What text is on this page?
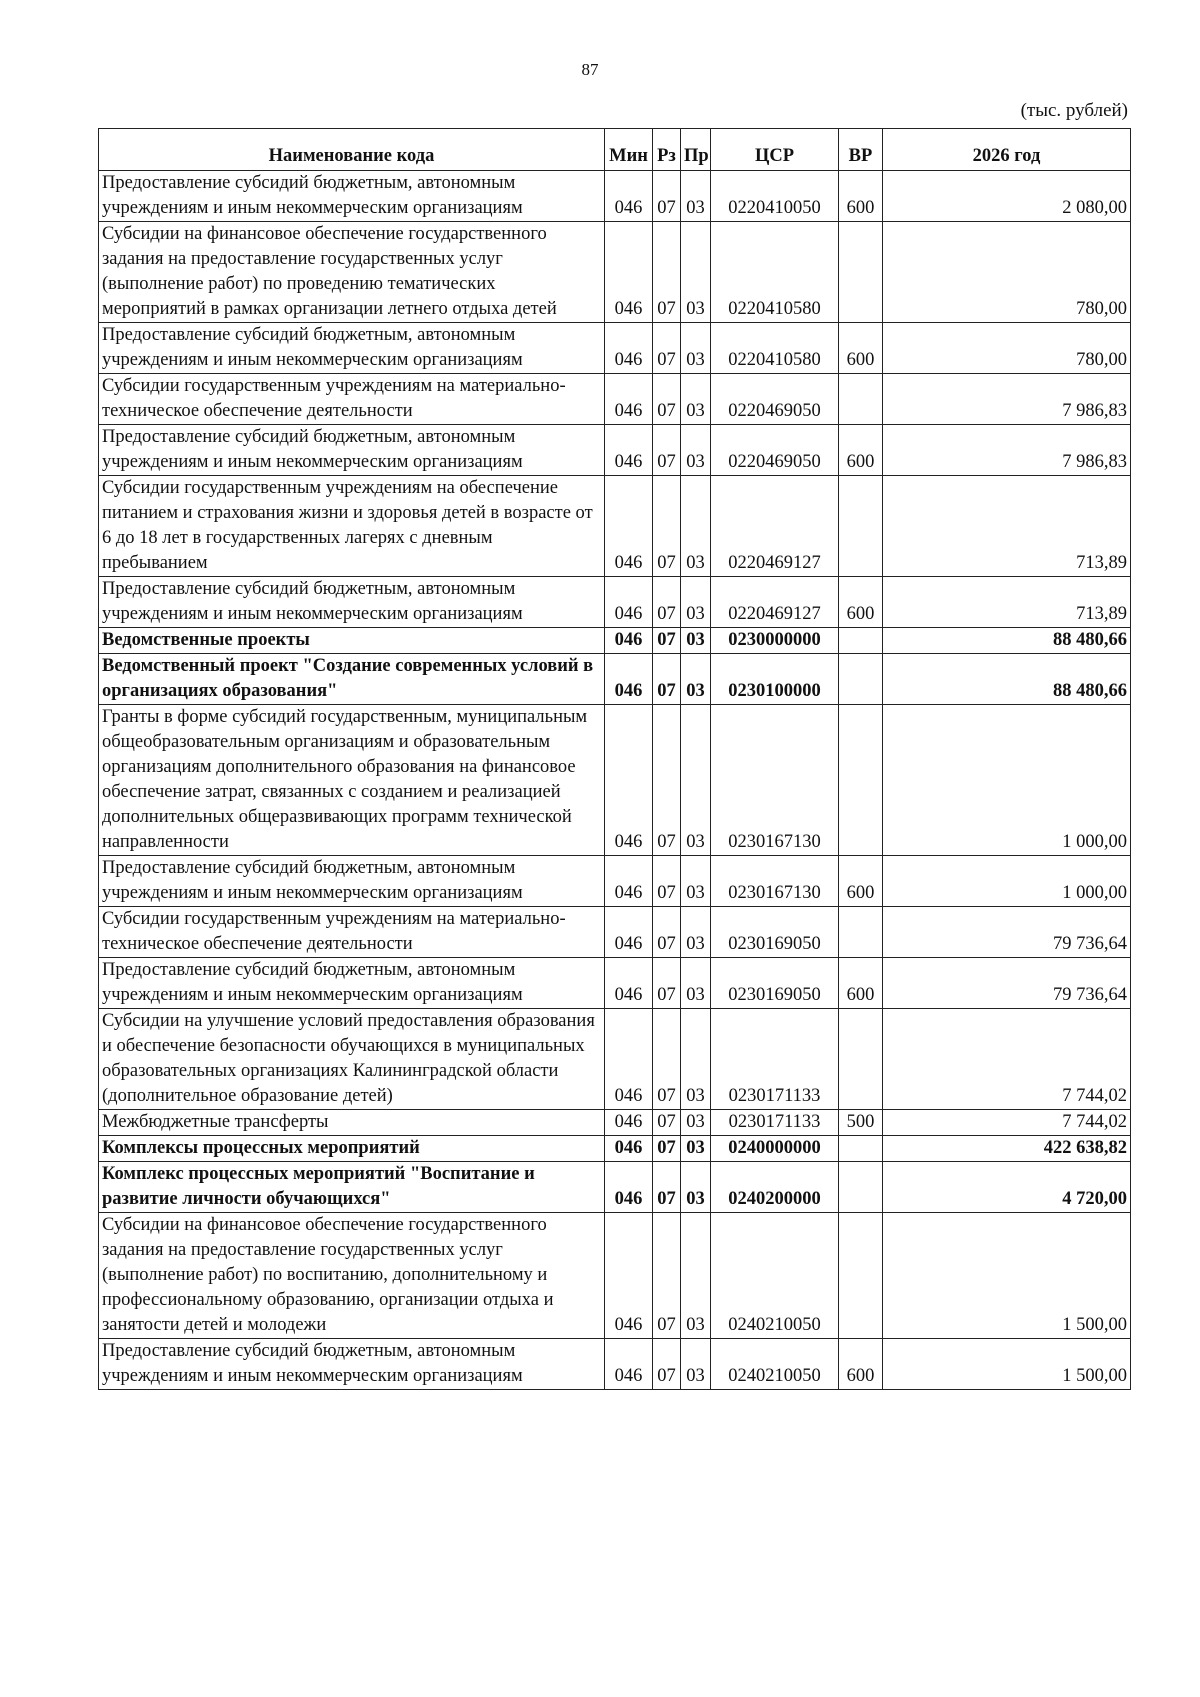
87
(тыс. рублей)
Наименование кода	Мин	Рз	Пр	ЦСР	ВР	2026 год
Предоставление субсидий бюджетным, автономным учреждениям и иным некоммерческим организациям	046	07	03	0220410050	600	2 080,00
Субсидии на финансовое обеспечение государственного задания на предоставление государственных услуг (выполнение работ) по проведению тематических мероприятий в рамках организации летнего отдыха детей	046	07	03	0220410580		780,00
Предоставление субсидий бюджетным, автономным учреждениям и иным некоммерческим организациям	046	07	03	0220410580	600	780,00
Субсидии государственным учреждениям на материально-техническое обеспечение деятельности	046	07	03	0220469050		7 986,83
Предоставление субсидий бюджетным, автономным учреждениям и иным некоммерческим организациям	046	07	03	0220469050	600	7 986,83
Субсидии государственным учреждениям на обеспечение питанием и страхования жизни и здоровья детей в возрасте от 6 до 18 лет в государственных лагерях с дневным пребыванием	046	07	03	0220469127		713,89
Предоставление субсидий бюджетным, автономным учреждениям и иным некоммерческим организациям	046	07	03	0220469127	600	713,89
Ведомственные проекты	046	07	03	0230000000		88 480,66
Ведомственный проект "Создание современных условий в организациях образования"	046	07	03	0230100000		88 480,66
Гранты в форме субсидий государственным, муниципальным общеобразовательным организациям и образовательным организациям дополнительного образования на финансовое обеспечение затрат, связанных с созданием и реализацией дополнительных общеразвивающих программ технической направленности	046	07	03	0230167130		1 000,00
Предоставление субсидий бюджетным, автономным учреждениям и иным некоммерческим организациям	046	07	03	0230167130	600	1 000,00
Субсидии государственным учреждениям на материально-техническое обеспечение деятельности	046	07	03	0230169050		79 736,64
Предоставление субсидий бюджетным, автономным учреждениям и иным некоммерческим организациям	046	07	03	0230169050	600	79 736,64
Субсидии на улучшение условий предоставления образования и обеспечение безопасности обучающихся в муниципальных образовательных организациях Калининградской области (дополнительное образование детей)	046	07	03	0230171133		7 744,02
Межбюджетные трансферты	046	07	03	0230171133	500	7 744,02
Комплексы процессных мероприятий	046	07	03	0240000000		422 638,82
Комплекс процессных мероприятий "Воспитание и развитие личности обучающихся"	046	07	03	0240200000		4 720,00
Субсидии на финансовое обеспечение государственного задания на предоставление государственных услуг (выполнение работ) по воспитанию, дополнительному и профессиональному образованию, организации отдыха и занятости детей и молодежи	046	07	03	0240210050		1 500,00
Предоставление субсидий бюджетным, автономным учреждениям и иным некоммерческим организациям	046	07	03	0240210050	600	1 500,00
